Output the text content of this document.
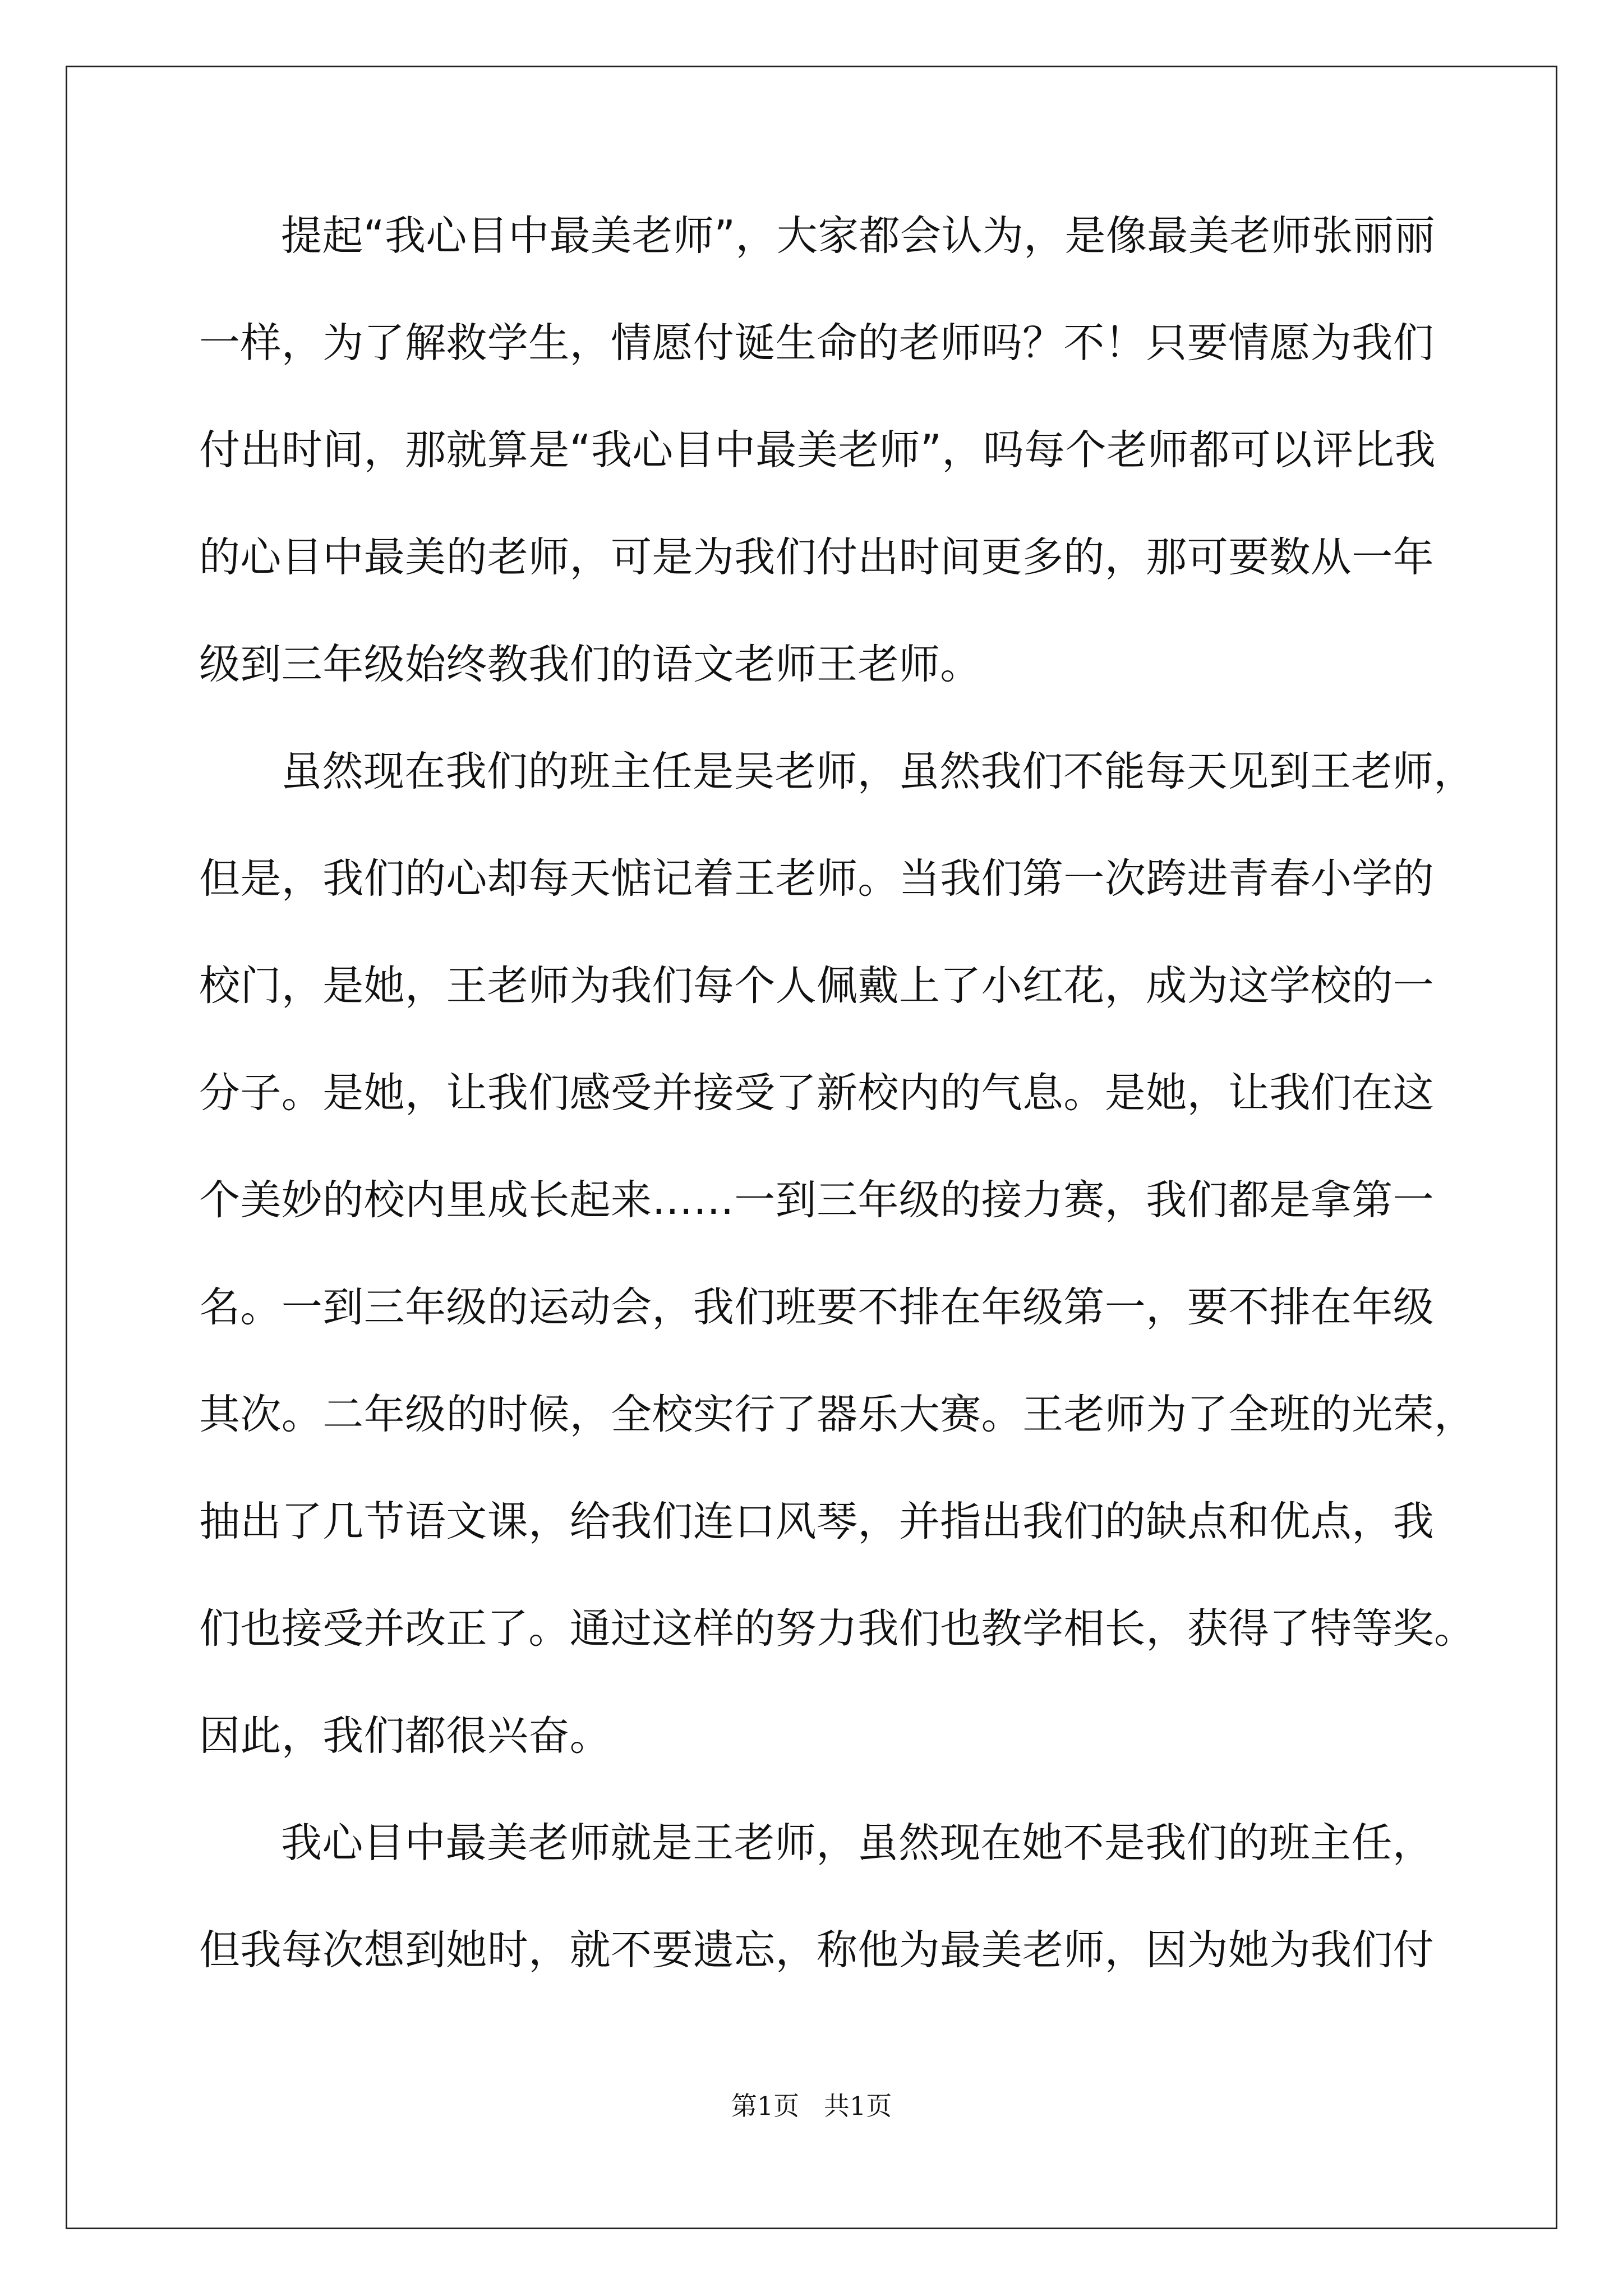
提起“我心目中最美老师”，大家都会认为，是像最美老师张丽丽
一样，为了解救学生，情愿付诞生命的老师吗？不！只要情愿为我们
付出时间，那就算是“我心目中最美老师”，吗每个老师都可以评比我
的心目中最美的老师，可是为我们付出时间更多的，那可要数从一年
级到三年级始终教我们的语文老师王老师。
虽然现在我们的班主任是吴老师，虽然我们不能每天见到王老师，
但是，我们的心却每天惦记着王老师。当我们第一次跨进青春小学的
校门，是她，王老师为我们每个人佩戴上了小红花，成为这学校的一
分子。是她，让我们感受并接受了新校内的气息。是她，让我们在这
个美妙的校内里成长起来……一到三年级的接力赛，我们都是拿第一
名。一到三年级的运动会，我们班要不排在年级第一，要不排在年级
其次。二年级的时候，全校实行了器乐大赛。王老师为了全班的光荣，
抽出了几节语文课，给我们连口风琴，并指出我们的缺点和优点，我
们也接受并改正了。通过这样的努力我们也教学相长，获得了特等奖。
因此，我们都很兴奋。
我心目中最美老师就是王老师，虽然现在她不是我们的班主任，
但我每次想到她时，就不要遗忘，称他为最美老师，因为她为我们付
第1页   共1页
